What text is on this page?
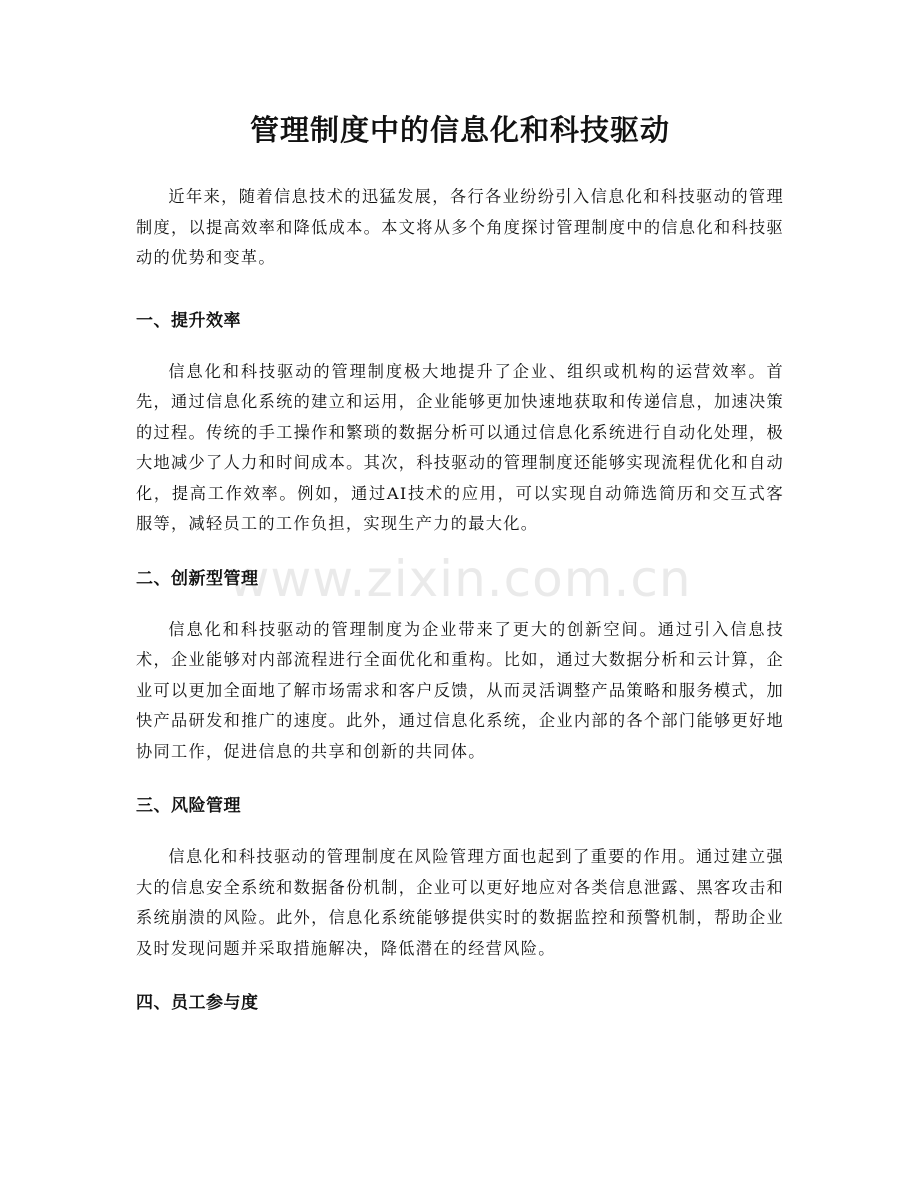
www.zixin.com.cn
管理制度中的信息化和科技驱动

近年来，随着信息技术的迅猛发展，各行各业纷纷引入信息化和科技驱动的管理制度，以提高效率和降低成本。本文将从多个角度探讨管理制度中的信息化和科技驱动的优势和变革。

一、提升效率

信息化和科技驱动的管理制度极大地提升了企业、组织或机构的运营效率。首先，通过信息化系统的建立和运用，企业能够更加快速地获取和传递信息，加速决策的过程。传统的手工操作和繁琐的数据分析可以通过信息化系统进行自动化处理，极大地减少了人力和时间成本。其次，科技驱动的管理制度还能够实现流程优化和自动化，提高工作效率。例如，通过AI技术的应用，可以实现自动筛选简历和交互式客服等，减轻员工的工作负担，实现生产力的最大化。

二、创新型管理

信息化和科技驱动的管理制度为企业带来了更大的创新空间。通过引入信息技术，企业能够对内部流程进行全面优化和重构。比如，通过大数据分析和云计算，企业可以更加全面地了解市场需求和客户反馈，从而灵活调整产品策略和服务模式，加快产品研发和推广的速度。此外，通过信息化系统，企业内部的各个部门能够更好地协同工作，促进信息的共享和创新的共同体。

三、风险管理

信息化和科技驱动的管理制度在风险管理方面也起到了重要的作用。通过建立强大的信息安全系统和数据备份机制，企业可以更好地应对各类信息泄露、黑客攻击和系统崩溃的风险。此外，信息化系统能够提供实时的数据监控和预警机制，帮助企业及时发现问题并采取措施解决，降低潜在的经营风险。

四、员工参与度
